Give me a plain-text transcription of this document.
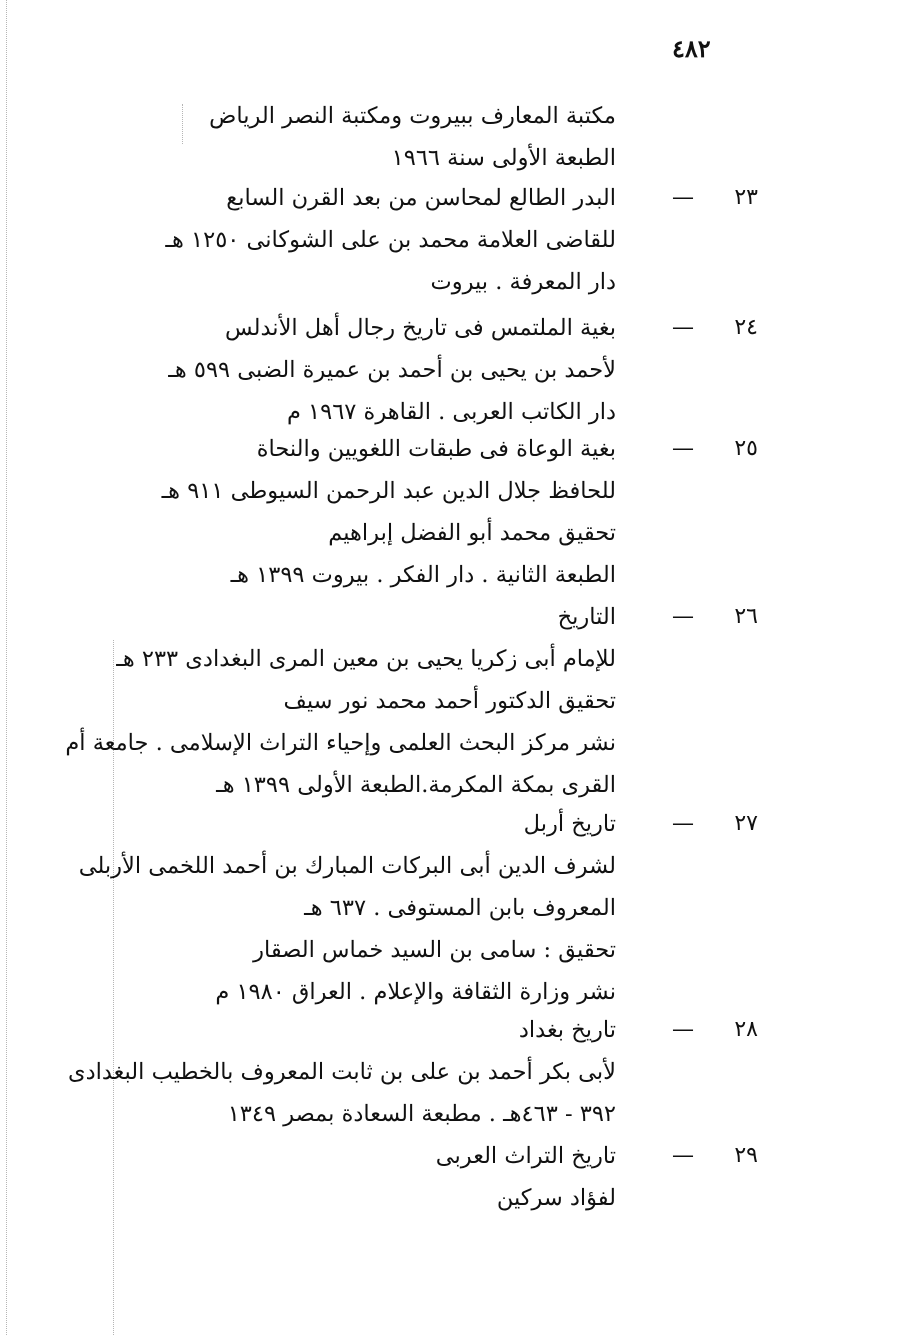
٤٨٢
مكتبة المعارف ببيروت ومكتبة النصر الرياض
الطبعة الأولى سنة ١٩٦٦
٢٣
—
البدر الطالع لمحاسن من بعد القرن السابع
للقاضى العلامة محمد بن على الشوكانى ١٢٥٠ هـ
دار المعرفة . بيروت
٢٤
—
بغية الملتمس فى تاريخ رجال أهل الأندلس
لأحمد بن يحيى بن أحمد بن عميرة الضبى ٥٩٩ هـ
دار الكاتب العربى . القاهرة ١٩٦٧ م
٢٥
—
بغية الوعاة فى طبقات اللغويين والنحاة
للحافظ جلال الدين عبد الرحمن السيوطى ٩١١ هـ
تحقيق محمد أبو الفضل إبراهيم
الطبعة الثانية . دار الفكر . بيروت ١٣٩٩ هـ
٢٦
—
التاريخ
للإمام أبى زكريا يحيى بن معين المرى البغدادى ٢٣٣ هـ
تحقيق الدكتور أحمد محمد نور سيف
نشر مركز البحث العلمى وإحياء التراث الإسلامى . جامعة أم
القرى بمكة المكرمة.الطبعة الأولى ١٣٩٩ هـ
٢٧
—
تاريخ أربل
لشرف الدين أبى البركات المبارك بن أحمد اللخمى الأربلى
المعروف بابن المستوفى . ٦٣٧ هـ
تحقيق : سامى بن السيد خماس الصقار
نشر وزارة الثقافة والإعلام . العراق ١٩٨٠ م
٢٨
—
تاريخ بغداد
لأبى بكر أحمد بن على بن ثابت المعروف بالخطيب البغدادى
٣٩٢ - ٤٦٣هـ . مطبعة السعادة بمصر ١٣٤٩
٢٩
—
تاريخ التراث العربى
لفؤاد سركين
